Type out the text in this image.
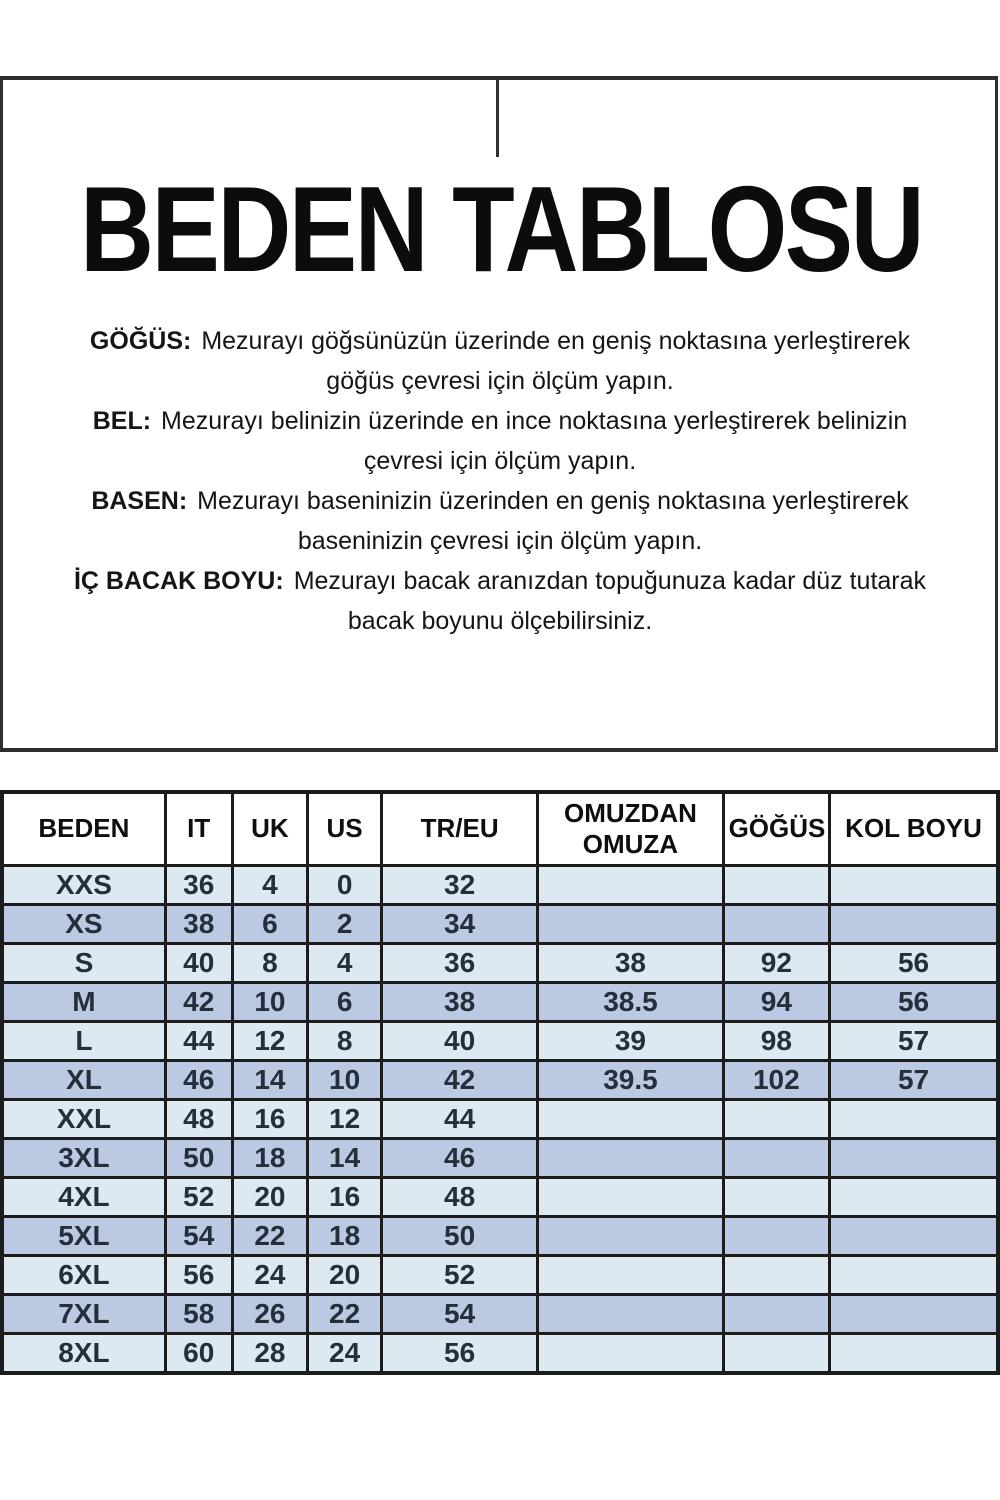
BEDEN TABLOSU
GÖĞÜS: Mezurayı göğsünüzün üzerinde en geniş noktasına yerleştirerek
göğüs çevresi için ölçüm yapın.
BEL: Mezurayı belinizin üzerinde en ince noktasına yerleştirerek belinizin
çevresi için ölçüm yapın.
BASEN: Mezurayı baseninizin üzerinden en geniş noktasına yerleştirerek
baseninizin çevresi için ölçüm yapın.
İÇ BACAK BOYU: Mezurayı bacak aranızdan topuğunuza kadar düz tutarak
bacak boyunu ölçebilirsiniz.
BEDEN	IT	UK	US	TR/EU	OMUZDAN OMUZA	GÖĞÜS	KOL BOYU
XXS	36	4	0	32			
XS	38	6	2	34			
S	40	8	4	36	38	92	56
M	42	10	6	38	38.5	94	56
L	44	12	8	40	39	98	57
XL	46	14	10	42	39.5	102	57
XXL	48	16	12	44			
3XL	50	18	14	46			
4XL	52	20	16	48			
5XL	54	22	18	50			
6XL	56	24	20	52			
7XL	58	26	22	54			
8XL	60	28	24	56			
